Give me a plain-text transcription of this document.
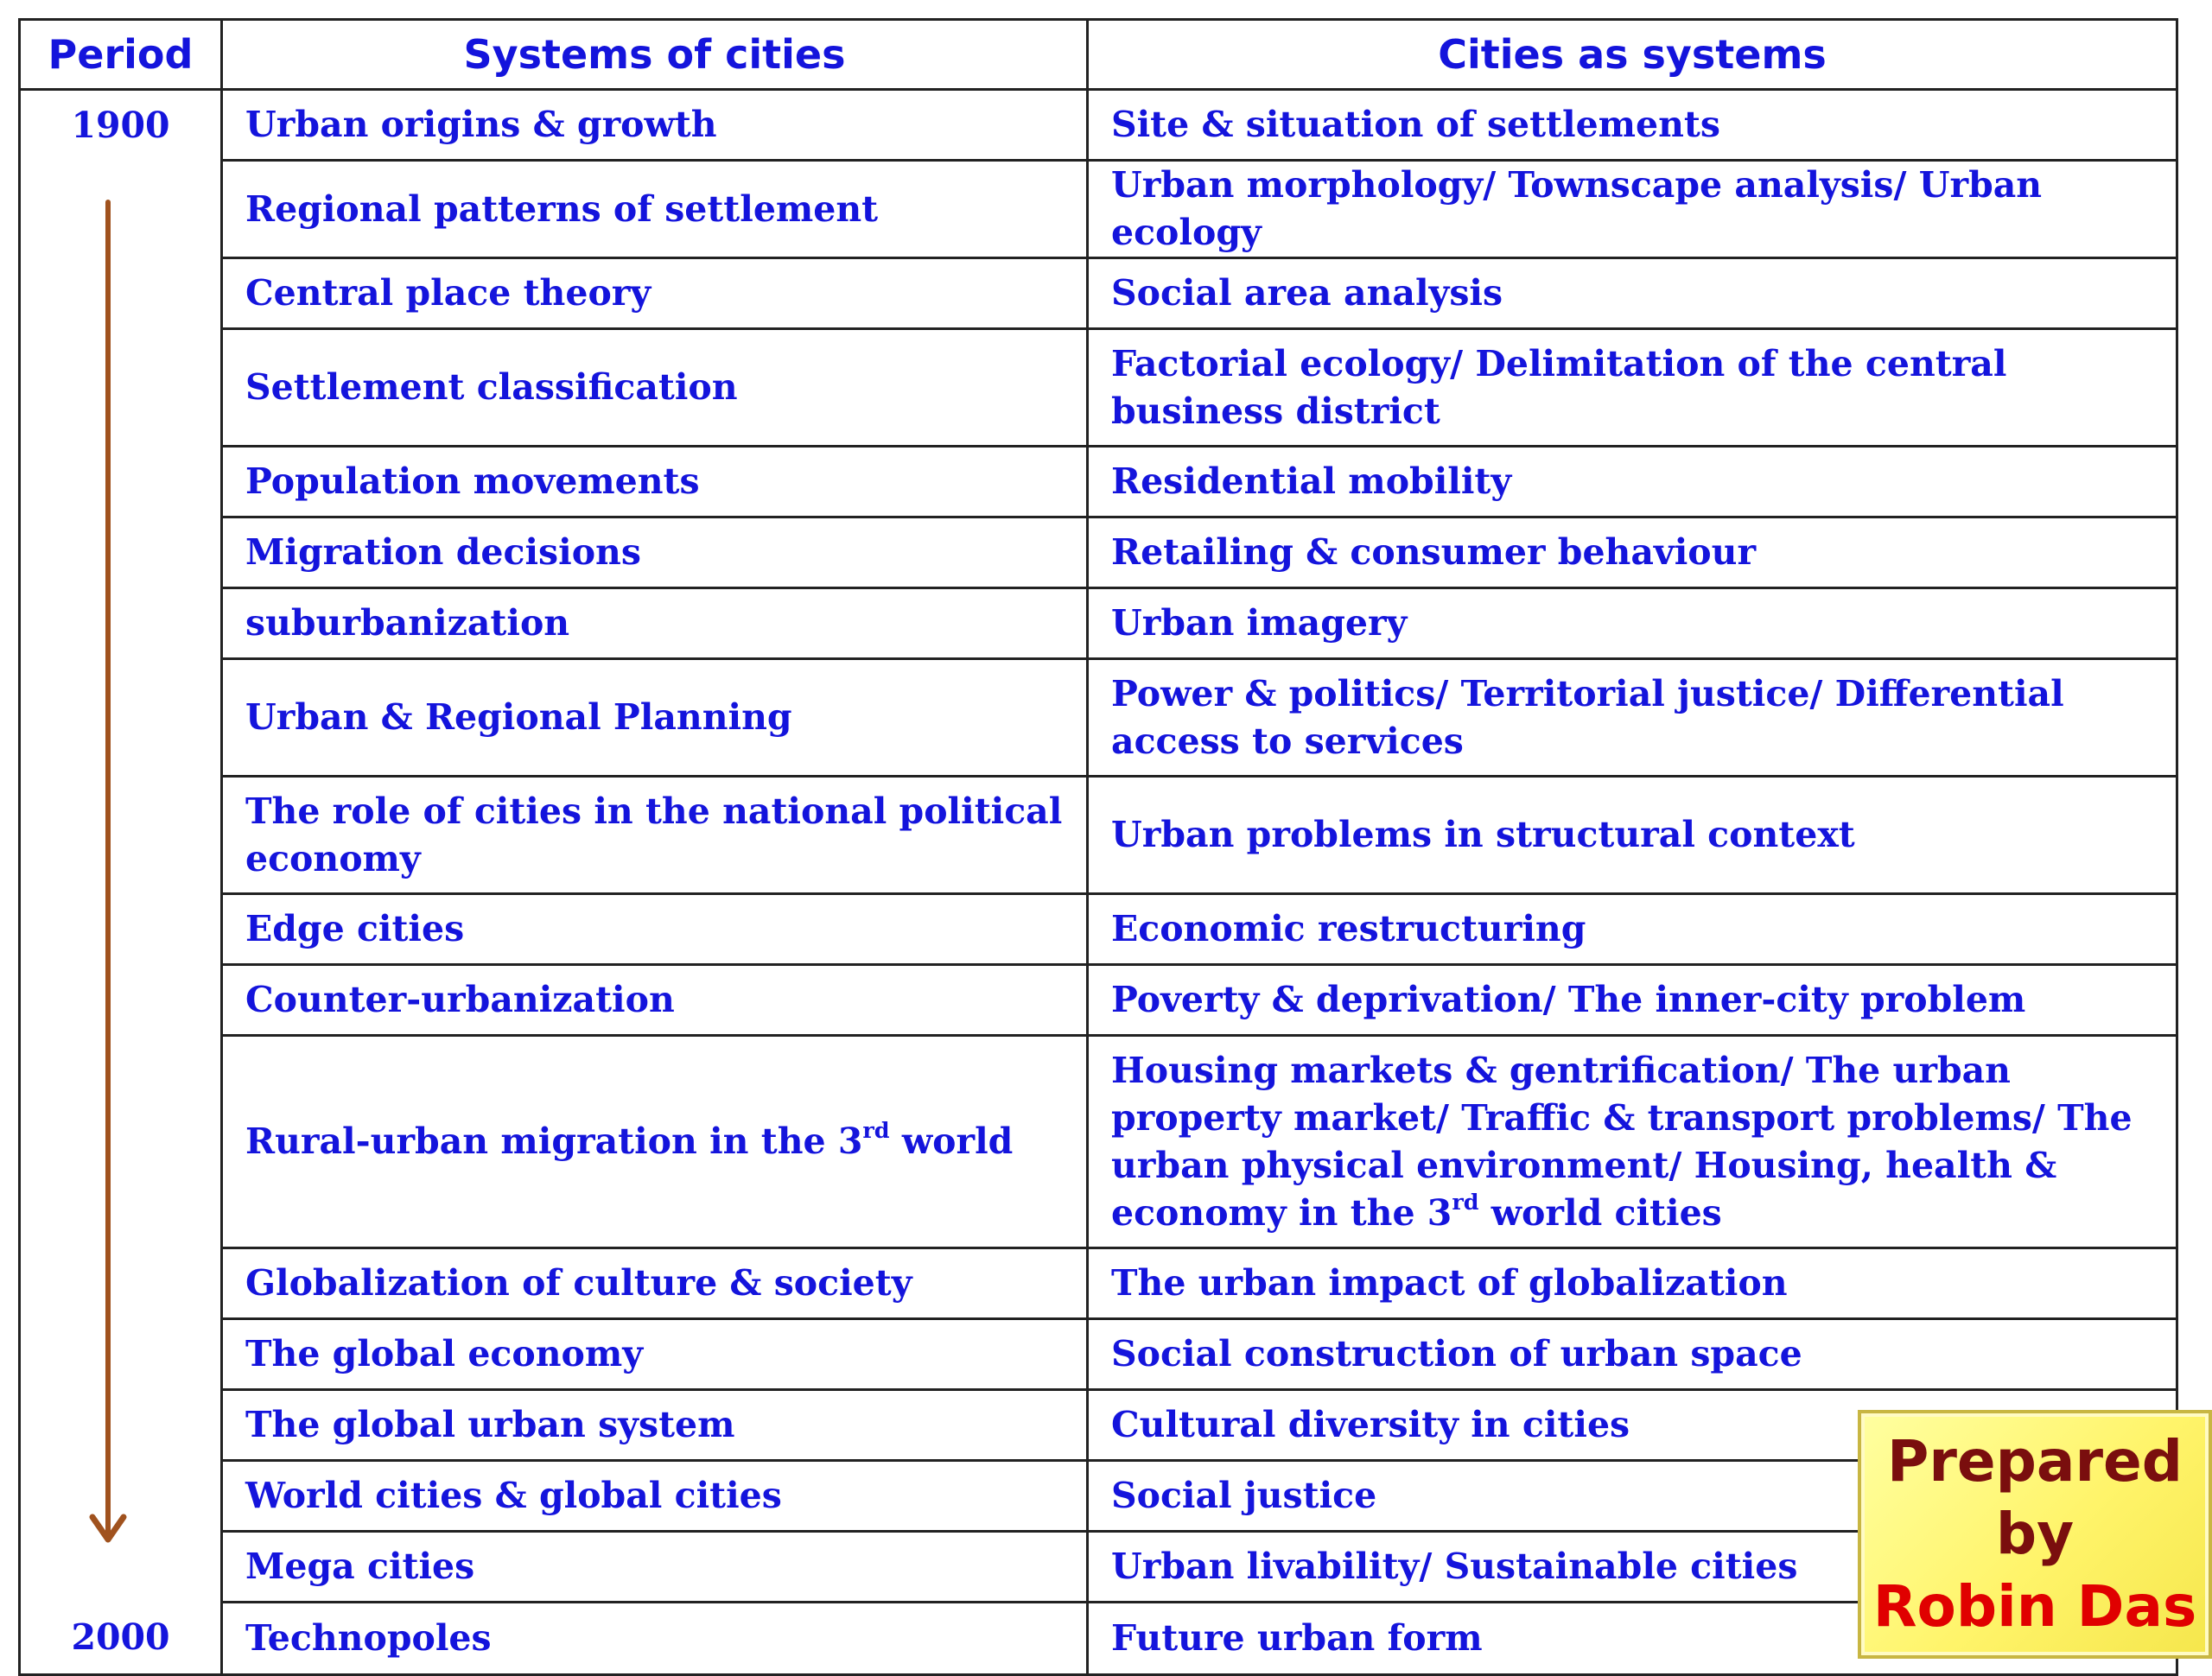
Period	Systems of cities	Cities as systems
1900	Urban origins & growth	Site & situation of settlements
	Regional patterns of settlement	Urban morphology/ Townscape analysis/ Urban ecology
	Central place theory	Social area analysis
	Settlement classification	Factorial ecology/ Delimitation of the central business district
	Population movements	Residential mobility
	Migration decisions	Retailing & consumer behaviour
	suburbanization	Urban imagery
	Urban & Regional Planning	Power & politics/ Territorial justice/ Differential access to services
	The role of cities in the national political economy	Urban problems in structural context
	Edge cities	Economic restructuring
	Counter-urbanization	Poverty & deprivation/ The inner-city problem
	Rural-urban migration in the 3rd world	Housing markets & gentrification/ The urban property market/ Traffic & transport problems/ The urban physical environment/ Housing, health & economy in the 3rd world cities
	Globalization of culture & society	The urban impact of globalization
	The global economy	Social construction of urban space
	The global urban system	Cultural diversity in cities
	World cities & global cities	Social justice
	Mega cities	Urban livability/ Sustainable cities
2000	Technopoles	Future urban form
Prepared
by
Robin Das
